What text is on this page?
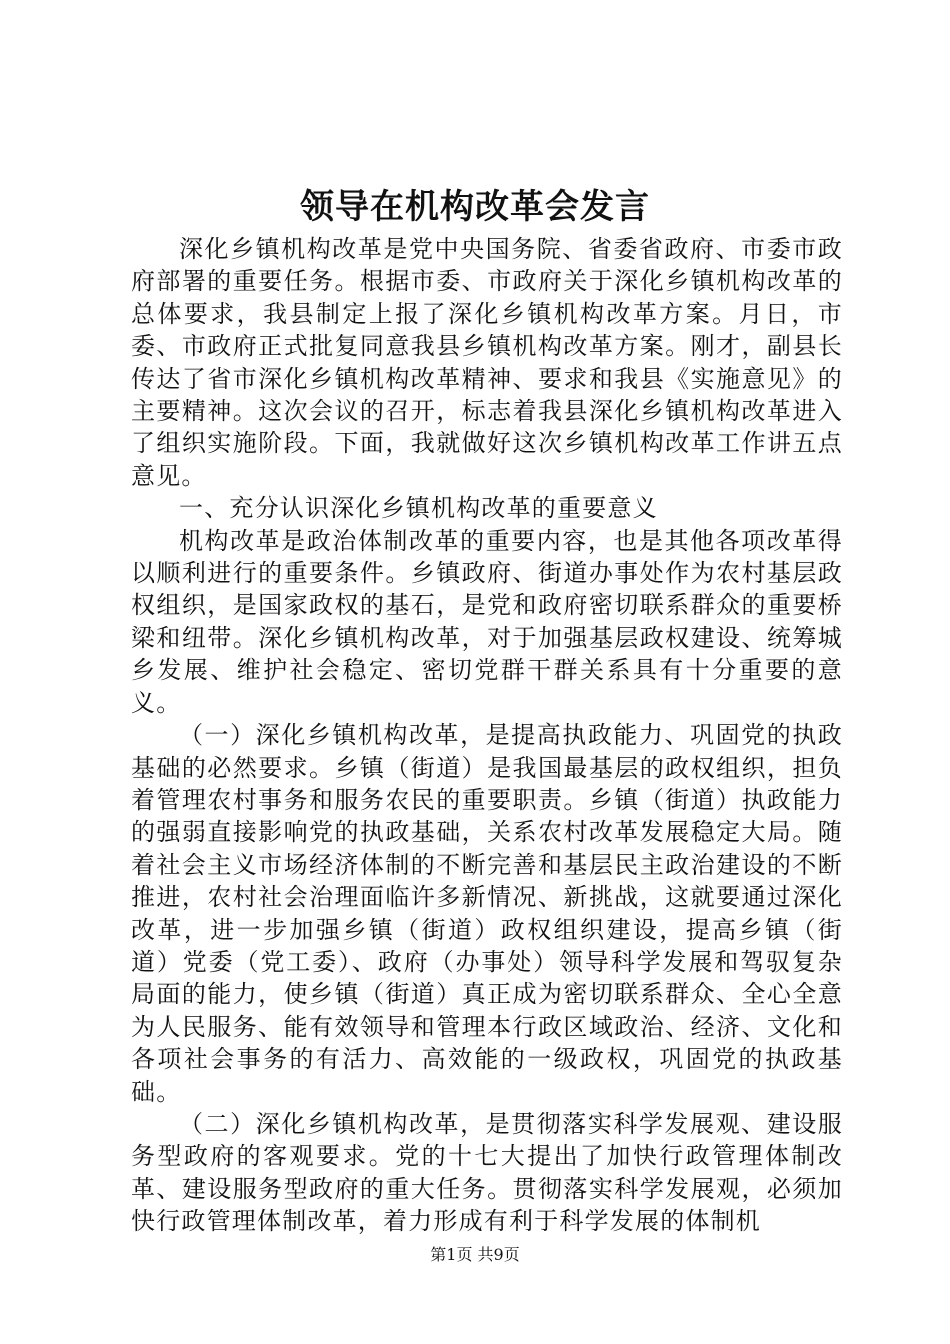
领导在机构改革会发言

深化乡镇机构改革是党中央国务院、省委省政府、市委市政府部署的重要任务。根据市委、市政府关于深化乡镇机构改革的总体要求，我县制定上报了深化乡镇机构改革方案。月日，市委、市政府正式批复同意我县乡镇机构改革方案。刚才，副县长传达了省市深化乡镇机构改革精神、要求和我县《实施意见》的主要精神。这次会议的召开，标志着我县深化乡镇机构改革进入了组织实施阶段。下面，我就做好这次乡镇机构改革工作讲五点意见。

一、充分认识深化乡镇机构改革的重要意义

机构改革是政治体制改革的重要内容，也是其他各项改革得以顺利进行的重要条件。乡镇政府、街道办事处作为农村基层政权组织，是国家政权的基石，是党和政府密切联系群众的重要桥梁和纽带。深化乡镇机构改革，对于加强基层政权建设、统筹城乡发展、维护社会稳定、密切党群干群关系具有十分重要的意义。

（一）深化乡镇机构改革，是提高执政能力、巩固党的执政基础的必然要求。乡镇（街道）是我国最基层的政权组织，担负着管理农村事务和服务农民的重要职责。乡镇（街道）执政能力的强弱直接影响党的执政基础，关系农村改革发展稳定大局。随着社会主义市场经济体制的不断完善和基层民主政治建设的不断推进，农村社会治理面临许多新情况、新挑战，这就要通过深化改革，进一步加强乡镇（街道）政权组织建设，提高乡镇（街道）党委（党工委）、政府（办事处）领导科学发展和驾驭复杂局面的能力，使乡镇（街道）真正成为密切联系群众、全心全意为人民服务、能有效领导和管理本行政区域政治、经济、文化和各项社会事务的有活力、高效能的一级政权，巩固党的执政基础。

（二）深化乡镇机构改革，是贯彻落实科学发展观、建设服务型政府的客观要求。党的十七大提出了加快行政管理体制改革、建设服务型政府的重大任务。贯彻落实科学发展观，必须加快行政管理体制改革，着力形成有利于科学发展的体制机

第1页 共9页
